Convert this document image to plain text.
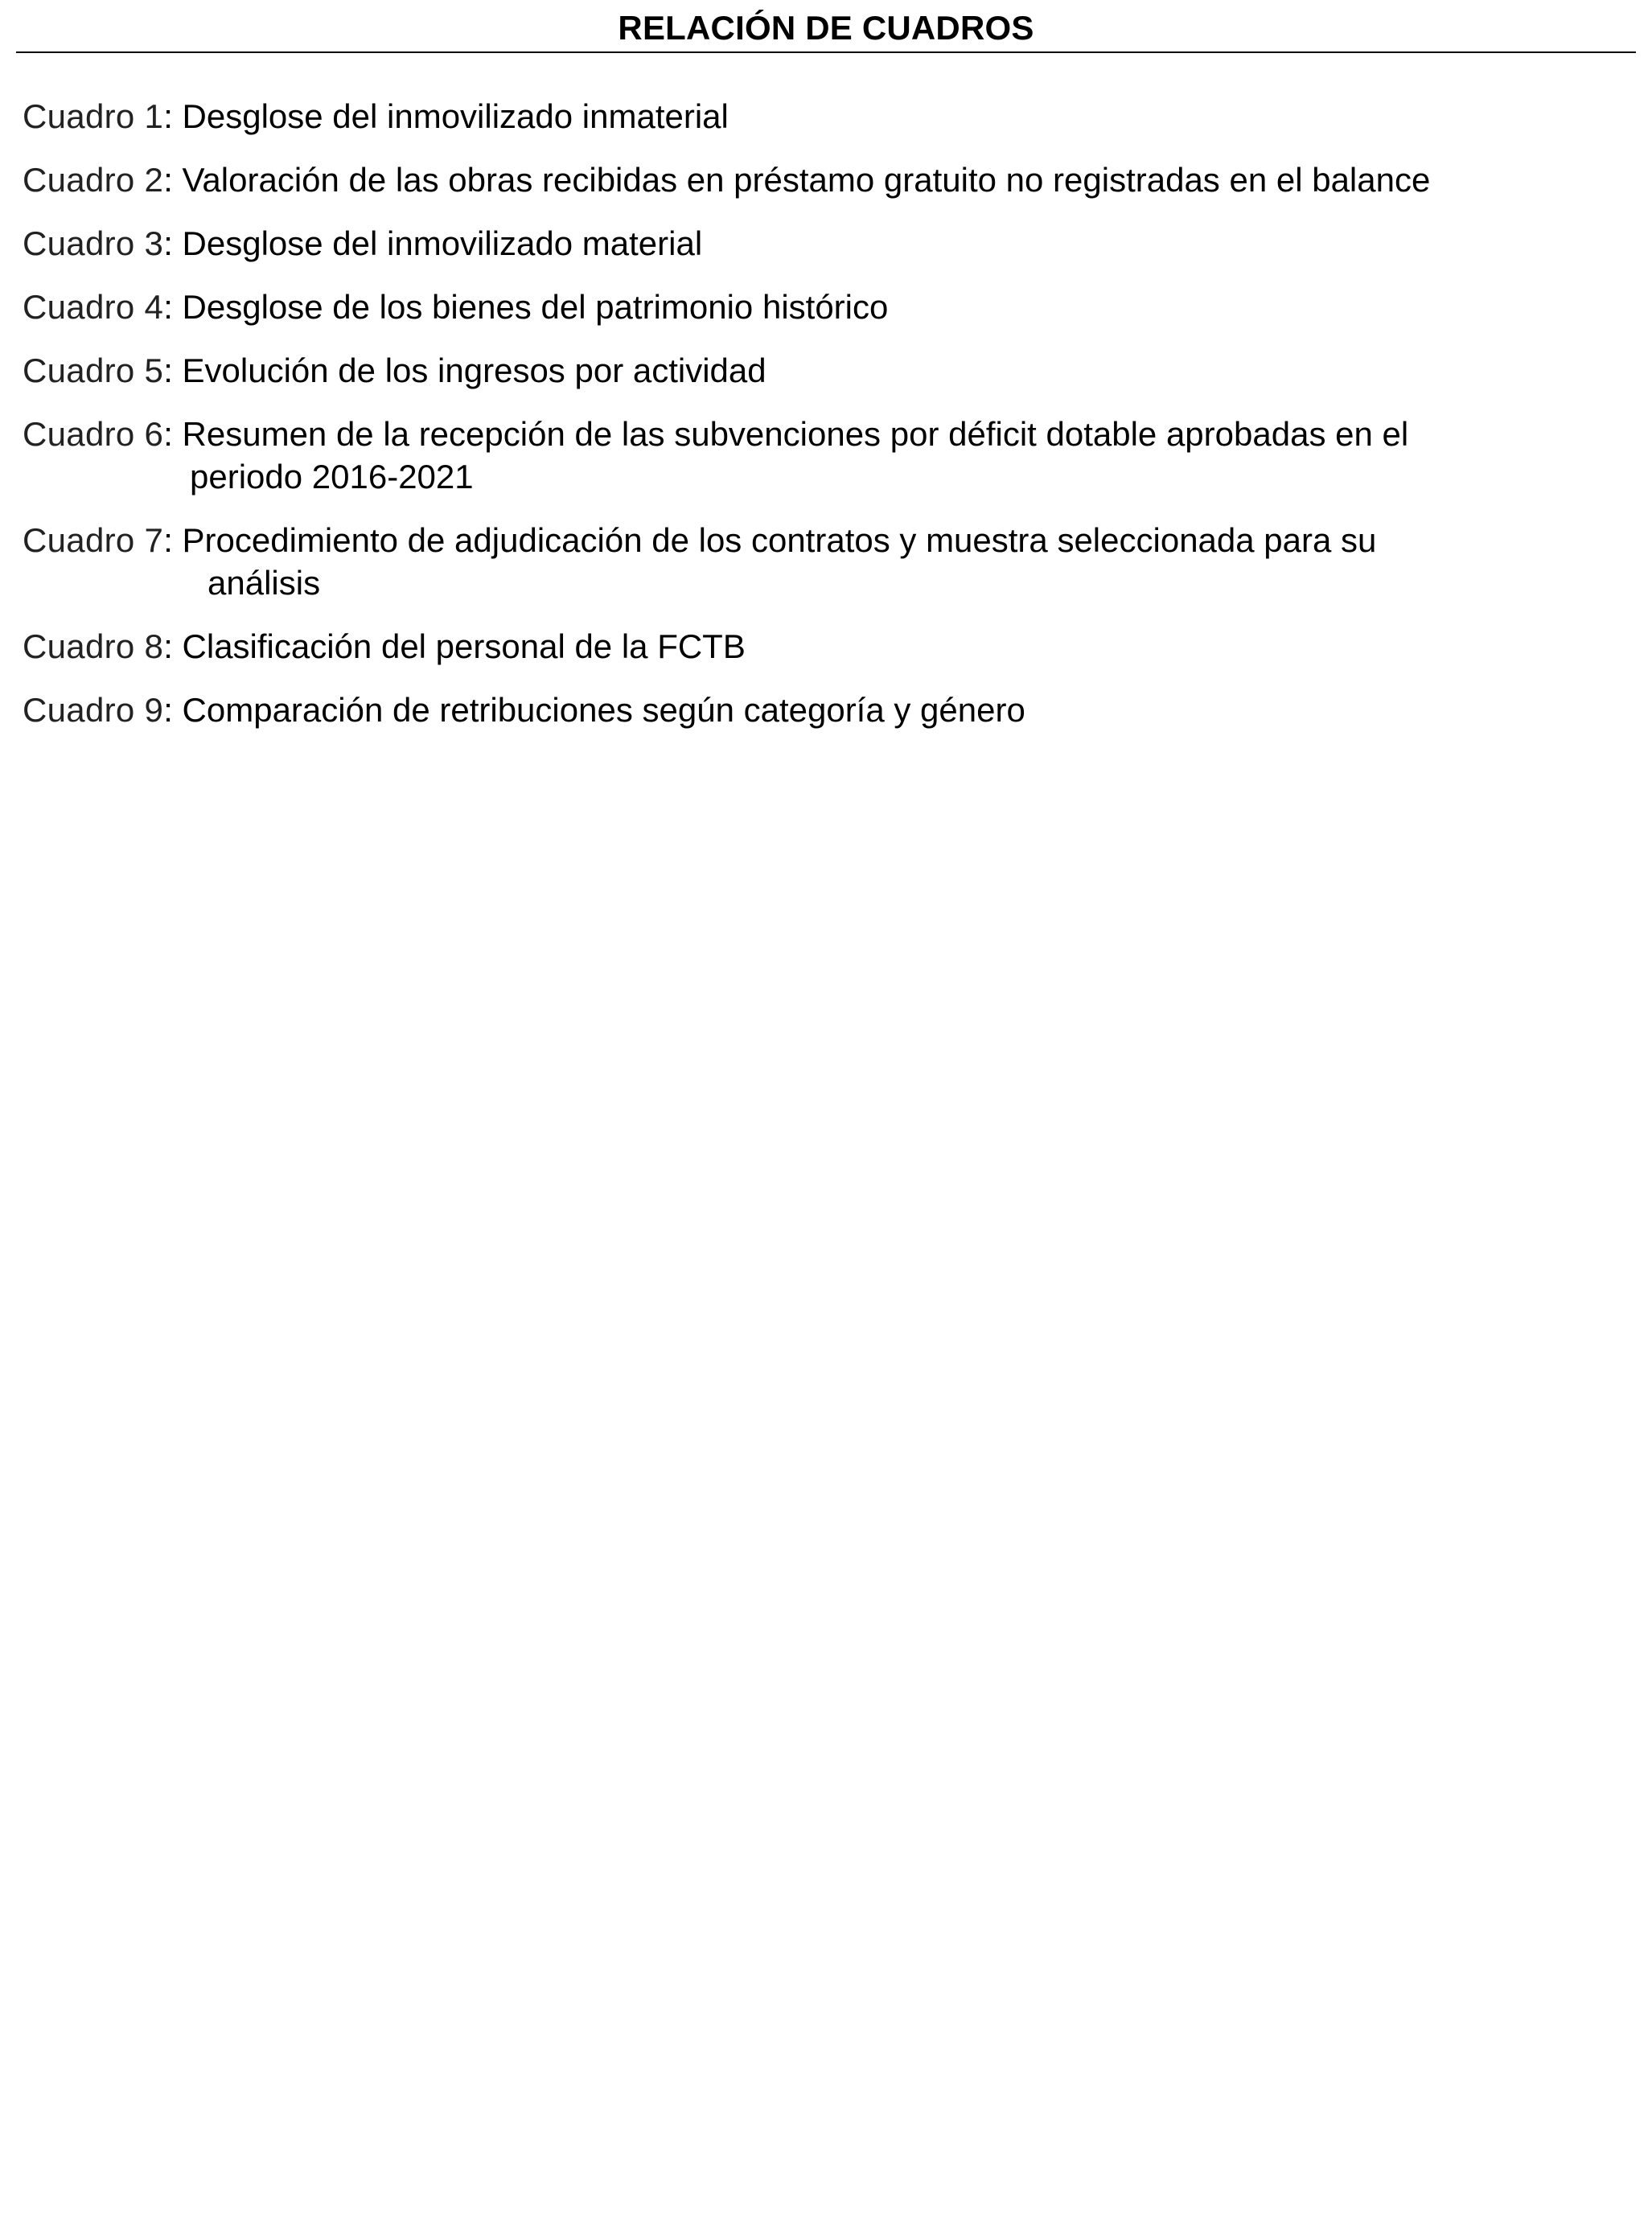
RELACIÓN DE CUADROS
Cuadro 1 : Desglose del inmovilizado inmaterial
Cuadro 2 : Valoración de las obras recibidas en préstamo gratuito no registradas en el balance
Cuadro 3 : Desglose del inmovilizado material
Cuadro 4 : Desglose de los bienes del patrimonio histórico
Cuadro 5 : Evolución de los ingresos por actividad
Cuadro 6 : Resumen de la recepción de las subvenciones por déficit dotable aprobadas en el
periodo 2016-2021
Cuadro 7 : Procedimiento de adjudicación de los contratos y muestra seleccionada para su
análisis
Cuadro 8 : Clasificación del personal de la FCTB
Cuadro 9 : Comparación de retribuciones según categoría y género
